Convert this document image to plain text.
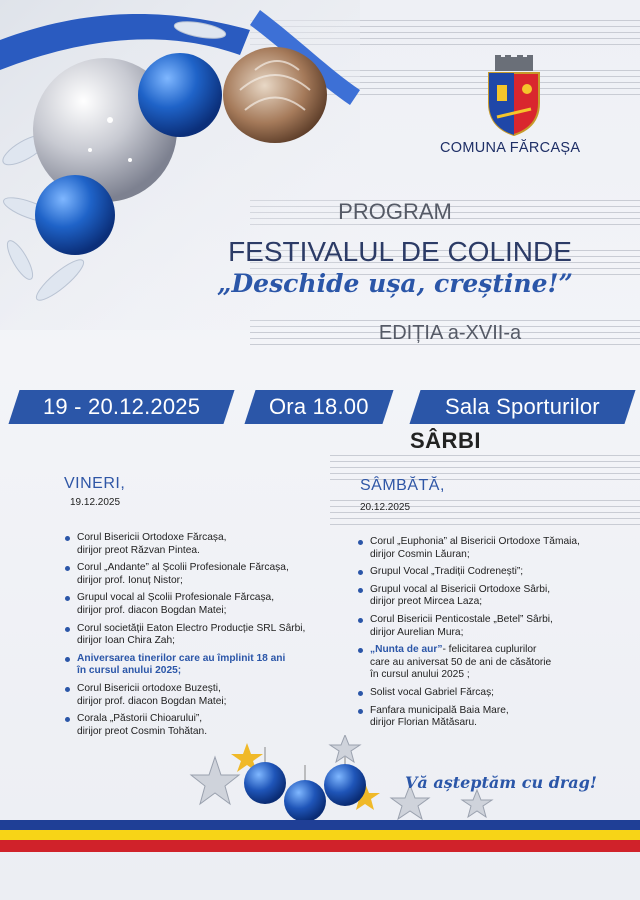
COMUNA FĂRCAȘA
PROGRAM
FESTIVALUL DE COLINDE
„Deschide ușa, creștine!”
EDIȚIA a-XVII-a
19 - 20.12.2025	Ora 18.00	Sala Sporturilor
SÂRBI
VINERI,
19.12.2025
Corul Bisericii Ortodoxe Fărcașa,
dirijor preot Răzvan Pintea.
Corul „Andante” al Școlii Profesionale Fărcașa,
dirijor prof. Ionuț Nistor;
Grupul vocal al Școlii Profesionale Fărcașa,
dirijor prof. diacon Bogdan Matei;
Corul societății Eaton Electro Producție SRL Sârbi,
dirijor Ioan Chira Zah;
Aniversarea tinerilor care au împlinit 18 ani
în cursul anului 2025;
Corul Bisericii ortodoxe Buzești,
dirijor prof. diacon Bogdan Matei;
Corala „Păstorii Chioarului”,
dirijor preot Cosmin Tohătan.
SÂMBĂTĂ,
20.12.2025
Corul „Euphonia” al Bisericii Ortodoxe Tămaia,
dirijor Cosmin Lăuran;
Grupul Vocal „Tradiții Codrenești”;
Grupul vocal al Bisericii Ortodoxe Sârbi,
dirijor preot Mircea Laza;
Corul Bisericii Penticostale „Betel” Sârbi,
dirijor Aurelian Mura;
„Nunta de aur”- felicitarea cuplurilor
care au aniversat 50 de ani de căsătorie
în cursul anului 2025 ;
Solist vocal Gabriel Fărcaș;
Fanfara municipală Baia Mare,
dirijor Florian Mătăsaru.
Vă așteptăm cu drag!
